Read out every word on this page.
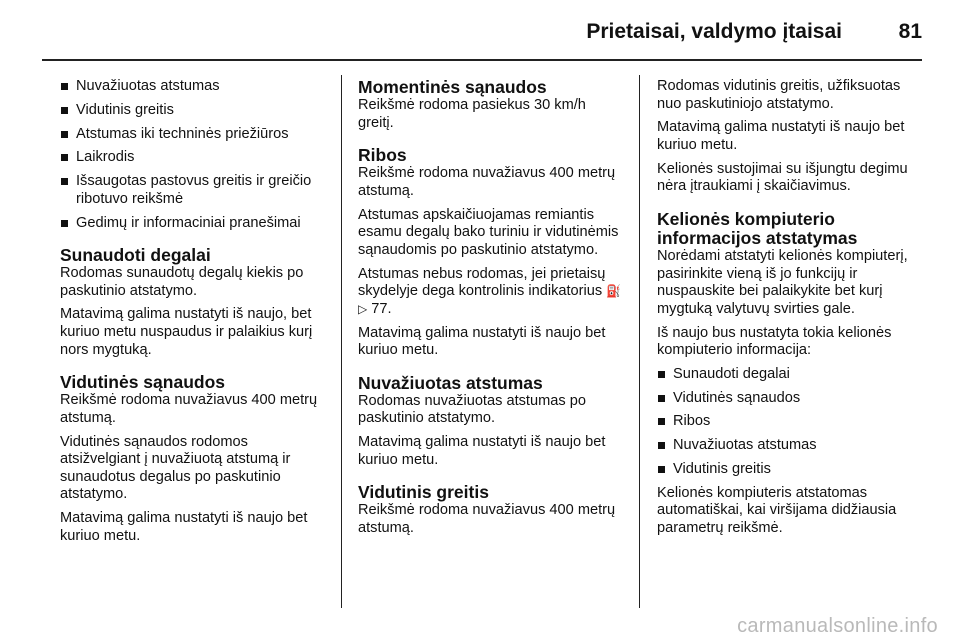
Prietaisai, valdymo įtaisai	81
Nuvažiuotas atstumas
Vidutinis greitis
Atstumas iki techninės priežiūros
Laikrodis
Išsaugotas pastovus greitis ir greičio ribotuvo reikšmė
Gedimų ir informaciniai pranešimai
Sunaudoti degalai

Rodomas sunaudotų degalų kiekis po paskutinio atstatymo.

Matavimą galima nustatyti iš naujo, bet kuriuo metu nuspaudus ir palaikius kurį nors mygtuką.

Vidutinės sąnaudos

Reikšmė rodoma nuvažiavus 400 metrų atstumą.

Vidutinės sąnaudos rodomos atsižvelgiant į nuvažiuotą atstumą ir sunaudotus degalus po paskutinio atstatymo.

Matavimą galima nustatyti iš naujo bet kuriuo metu.

Momentinės sąnaudos

Reikšmė rodoma pasiekus 30 km/h greitį.

Ribos

Reikšmė rodoma nuvažiavus 400 metrų atstumą.

Atstumas apskaičiuojamas remiantis esamu degalų bako turiniu ir vidutinėmis sąnaudomis po paskutinio atstatymo.

Atstumas nebus rodomas, jei prietaisų skydelyje dega kontrolinis indikatorius ⛽▷ 77.

Matavimą galima nustatyti iš naujo bet kuriuo metu.

Nuvažiuotas atstumas

Rodomas nuvažiuotas atstumas po paskutinio atstatymo.

Matavimą galima nustatyti iš naujo bet kuriuo metu.

Vidutinis greitis

Reikšmė rodoma nuvažiavus 400 metrų atstumą.

Rodomas vidutinis greitis, užfiksuotas nuo paskutiniojo atstatymo.

Matavimą galima nustatyti iš naujo bet kuriuo metu.

Kelionės sustojimai su išjungtu degimu nėra įtraukiami į skaičiavimus.

Kelionės kompiuterio informacijos atstatymas

Norėdami atstatyti kelionės kompiuterį, pasirinkite vieną iš jo funkcijų ir nuspauskite bei palaikykite bet kurį mygtuką valytuvų svirties gale.

Iš naujo bus nustatyta tokia kelionės kompiuterio informacija:

Sunaudoti degalai
Vidutinės sąnaudos
Ribos
Nuvažiuotas atstumas
Vidutinis greitis

Kelionės kompiuteris atstatomas automatiškai, kai viršijama didžiausia parametrų reikšmė.

carmanualsonline.info
